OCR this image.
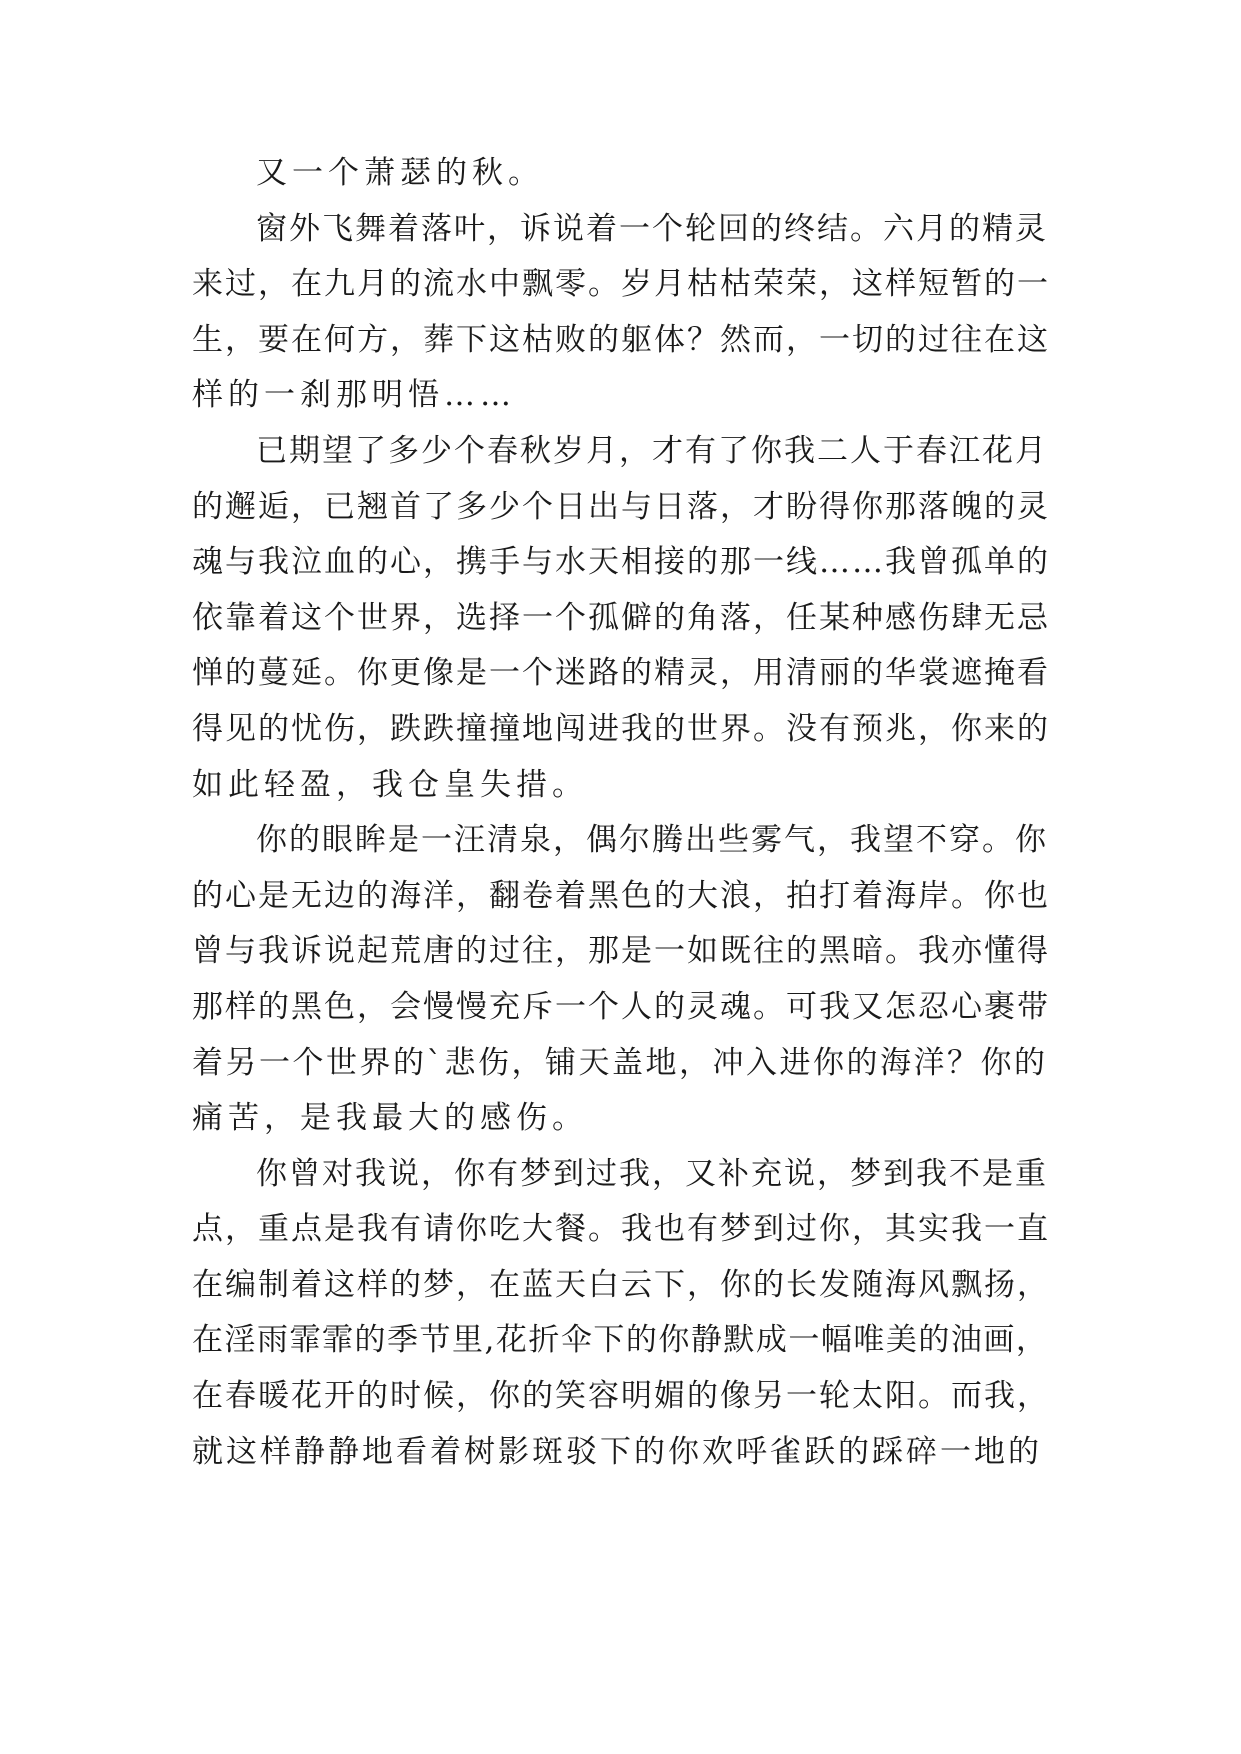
又一个萧瑟的秋。
窗外飞舞着落叶，诉说着一个轮回的终结。六月的精灵
来过，在九月的流水中飘零。岁月枯枯荣荣，这样短暂的一
生，要在何方，葬下这枯败的躯体？然而，一切的过往在这
样的一刹那明悟……
已期望了多少个春秋岁月，才有了你我二人于春江花月
的邂逅，已翘首了多少个日出与日落，才盼得你那落魄的灵
魂与我泣血的心，携手与水天相接的那一线……我曾孤单的
依靠着这个世界，选择一个孤僻的角落，任某种感伤肆无忌
惮的蔓延。你更像是一个迷路的精灵，用清丽的华裳遮掩看
得见的忧伤，跌跌撞撞地闯进我的世界。没有预兆，你来的
如此轻盈，我仓皇失措。
你的眼眸是一汪清泉，偶尔腾出些雾气，我望不穿。你
的心是无边的海洋，翻卷着黑色的大浪，拍打着海岸。你也
曾与我诉说起荒唐的过往，那是一如既往的黑暗。我亦懂得
那样的黑色，会慢慢充斥一个人的灵魂。可我又怎忍心裹带
着另一个世界的`悲伤，铺天盖地，冲入进你的海洋？你的
痛苦，是我最大的感伤。
你曾对我说，你有梦到过我，又补充说，梦到我不是重
点，重点是我有请你吃大餐。我也有梦到过你，其实我一直
在编制着这样的梦，在蓝天白云下，你的长发随海风飘扬，
在淫雨霏霏的季节里,花折伞下的你静默成一幅唯美的油画，
在春暖花开的时候，你的笑容明媚的像另一轮太阳。而我，
就这样静静地看着树影斑驳下的你欢呼雀跃的踩碎一地的
